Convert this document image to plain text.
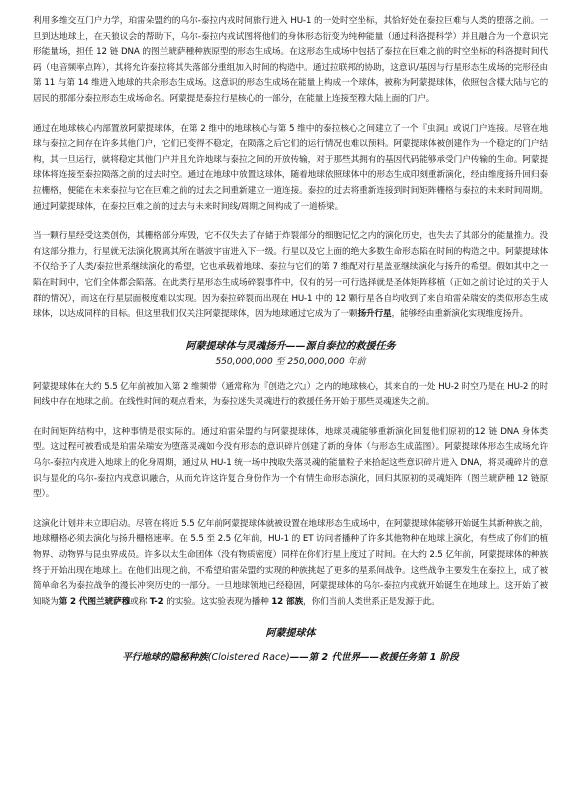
利用多维交互门户力学，珀雷朵盟约的乌尔-泰拉内戎时间旅行进入 HU-1 的一处时空坐标，其恰好处在泰拉巨难与人类的堕落之前。一旦到达地球上，在天狼议会的帮助下，乌尔-泰拉内戎试图将他们的身体形态衍变为纯种能量（通过科洛提科学）并且融合为一个意识完形能量场，担任 12 链 DNA 的图兰琥萨種种族原型的形态生成场。在这形态生成场中包括了泰拉在巨难之前的时空坐标的科洛提时间代码（电音频率点阵），其将允许泰拉将其失落部分重组加入时间的构造中。通过拉联邦的协助，这意识/基因与行星形态生成场的完形径由第 11 与第 14 维进入地球的共余形态生成场。这意识的形态生成场在能量上构成一个球体，被称为阿蒙提球体，依照包含樣大陆与它的居民的那部分泰拉形态生成场命名。阿蒙提是泰拉行星核心的一部分，在能量上连接至穆大陆上面的门户。

通过在地球核心内部置放阿蒙提球体，在第 2 维中的地球核心与第 5 维中的泰拉核心之间建立了一个『虫洞』或说门户连接。尽管在地球与泰拉之间存在许多其他门户，它们已变得不稳定，在陨落之后它们的运行情况也难以预料。阿蒙提球体被创建作为一个稳定的门户结构，其一旦运行，就将稳定其他门户并且允许地球与泰拉之间的开放传输，对于那些其拥有的基因代码能够承受门户传输的生命。阿蒙提球体将连接至泰拉陨落之前的过去时空。通过在地球中放置这球体，随着地球依照球体中的形态生成印刻重新演化，经由维度扬升回归泰拉栅格，便能在未来泰拉与它在巨难之前的过去之间重新建立一道连接。泰拉的过去将重新连接到时间矩阵栅格与泰拉的未来时间周期。通过阿蒙提球体，在泰拉巨难之前的过去与未来时间线/周期之间构成了一道桥梁。

当一颗行星经受这类创伤，其栅格部分库毁，它不仅失去了存储于炸裂部分的细胞记忆之内的演化历史，也失去了其部分的能量推力。没有这部分推力，行星就无法演化脱离其所在谐波宇宙进入下一级。行星以及它上面的绝大多数生命形态陷在时间的构造之中。阿蒙提球体不仅给予了人类/泰拉世系继续演化的希望，它也承载着地球、泰拉与它们的第 7 维配对行星盖亚继续演化与扬升的希望。假如其中之一陷在时间中，它们全体都会陷落。在此类行星形态生成场碎裂事件中，仅有的另一可行选择就是圣体矩阵移植（正如之前讨论过的关于人群的情况），而这在行星层面极度难以实现。因为泰拉碎裂而出现在 HU-1 中的 12 颗行星各自均收到了来自珀雷朵瑞安的类似形态生成球体，以达成同样的目标。但这里我们仅关注阿蒙提球体，因为地球通过它成为了一颗扬升行星，能够经由重新演化实现维度扬升。

阿蒙提球体与灵魂扬升——源自泰拉的救援任务
550,000,000 至 250,000,000 年前

阿蒙提球体在大约 5.5 亿年前被加入第 2 维频带（通常称为『创造之穴』）之内的地球核心，其来自的一处 HU-2 时空乃是在 HU-2 的时间线中存在地球之前。在线性时间的观点看来，为泰拉迷失灵魂进行的救援任务开始于那些灵魂迷失之前。

在时间矩阵结构中，这种事情是很实际的。通过珀雷朵盟约与阿蒙提球体，地球灵魂能够重新演化回复他们原初的12 链 DNA 身体类型。这过程可被看成是珀雷朵瑞安为堕落灵魂如今没有形态的意识碎片创建了新的身体（与形态生成蓝图）。阿蒙提球体形态生成场允许乌尔-泰拉内戎进入地球上的化身周期，通过从 HU-1 统一场中拽取失落灵魂的能量粒子来拾起这些意识碎片进入 DNA，将灵魂碎片的意识与显化的乌尔-泰拉内戎意识融合，从而允许这许复合身份作为一个有情生命形态演化，回归其原初的灵魂矩阵（图兰琥萨種 12 链原型）。

这演化计划并未立即启动。尽管在将近 5.5 亿年前阿蒙提球体就被设置在地球形态生成场中，在阿蒙提球体能够开始诞生其新种族之前，地球栅格必须去演化与扬升栅格速率。在 5.5 至 2.5 亿年前，HU-1 的 ET 访问者播种了许多其他物种在地球上演化，有些成了你们的植物界、动物界与昆虫界成员。许多以太生命团体（没有物质密度）同样在你们行星上度过了时间。在大约 2.5 亿年前，阿蒙提球体的种族终于开始出现在地球上。在他们出现之前，不希望珀雷朵盟约实现的种族挑起了更多的星系间战争。这些战争主要发生在泰拉上，成了被简单命名为泰拉战争的漫长冲突历史的一部分。一旦地球领地已经稳固，阿蒙提球体的乌尔-泰拉内戎就开始诞生在地球上。这开始了被知晓为第 2 代图兰琥萨穆或称 T-2 的实验。这实验表现为播种 12 部族，你们当前人类世系正是发源于此。

阿蒙提球体
平行地球的隐秘种族(Cloistered Race)——第 2 代世界——救援任务第 1 阶段
